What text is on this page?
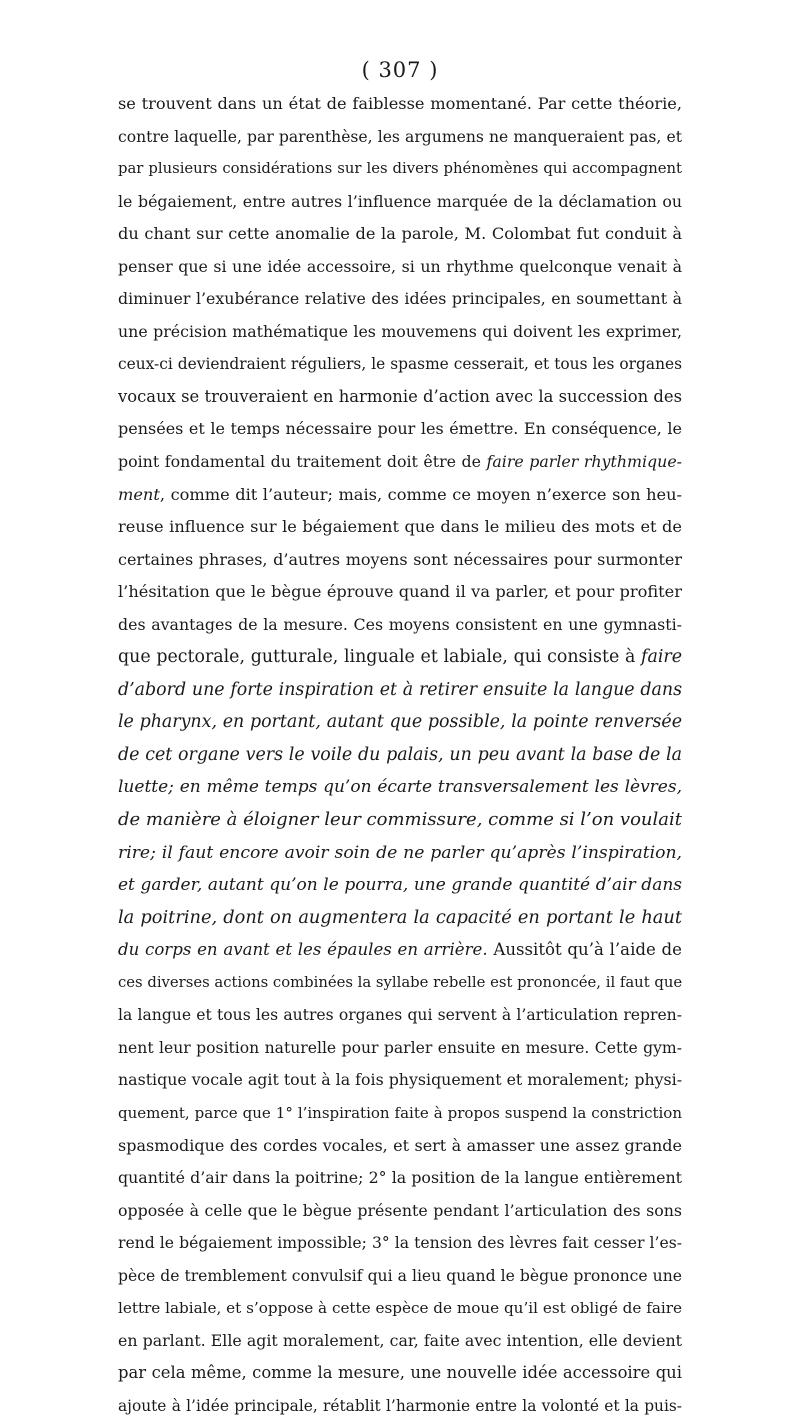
( 307 )
se trouvent dans un état de faiblesse momentané. Par cette théorie,
contre laquelle, par parenthèse, les argumens ne manqueraient pas, et
par plusieurs considérations sur les divers phénomènes qui accompagnent
le bégaiement, entre autres l’influence marquée de la déclamation ou
du chant sur cette anomalie de la parole, M. Colombat fut conduit à
penser que si une idée accessoire, si un rhythme quelconque venait à
diminuer l’exubérance relative des idées principales, en soumettant à
une précision mathématique les mouvemens qui doivent les exprimer,
ceux-ci deviendraient réguliers, le spasme cesserait, et tous les organes
vocaux se trouveraient en harmonie d’action avec la succession des
pensées et le temps nécessaire pour les émettre. En conséquence, le
point fondamental du traitement doit être de faire parler rhythmique-
ment, comme dit l’auteur; mais, comme ce moyen n’exerce son heu-
reuse influence sur le bégaiement que dans le milieu des mots et de
certaines phrases, d’autres moyens sont nécessaires pour surmonter
l’hésitation que le bègue éprouve quand il va parler, et pour profiter
des avantages de la mesure. Ces moyens consistent en une gymnasti-
que pectorale, gutturale, linguale et labiale, qui consiste à faire
d’abord une forte inspiration et à retirer ensuite la langue dans
le pharynx, en portant, autant que possible, la pointe renversée
de cet organe vers le voile du palais, un peu avant la base de la
luette; en même temps qu’on écarte transversalement les lèvres,
de manière à éloigner leur commissure, comme si l’on voulait
rire; il faut encore avoir soin de ne parler qu’après l’inspiration,
et garder, autant qu’on le pourra, une grande quantité d’air dans
la poitrine, dont on augmentera la capacité en portant le haut
du corps en avant et les épaules en arrière. Aussitôt qu’à l’aide de
ces diverses actions combinées la syllabe rebelle est prononcée, il faut que
la langue et tous les autres organes qui servent à l’articulation repren-
nent leur position naturelle pour parler ensuite en mesure. Cette gym-
nastique vocale agit tout à la fois physiquement et moralement; physi-
quement, parce que 1° l’inspiration faite à propos suspend la constriction
spasmodique des cordes vocales, et sert à amasser une assez grande
quantité d’air dans la poitrine; 2° la position de la langue entièrement
opposée à celle que le bègue présente pendant l’articulation des sons
rend le bégaiement impossible; 3° la tension des lèvres fait cesser l’es-
pèce de tremblement convulsif qui a lieu quand le bègue prononce une
lettre labiale, et s’oppose à cette espèce de moue qu’il est obligé de faire
en parlant. Elle agit moralement, car, faite avec intention, elle devient
par cela même, comme la mesure, une nouvelle idée accessoire qui
ajoute à l’idée principale, rétablit l’harmonie entre la volonté et la puis-
